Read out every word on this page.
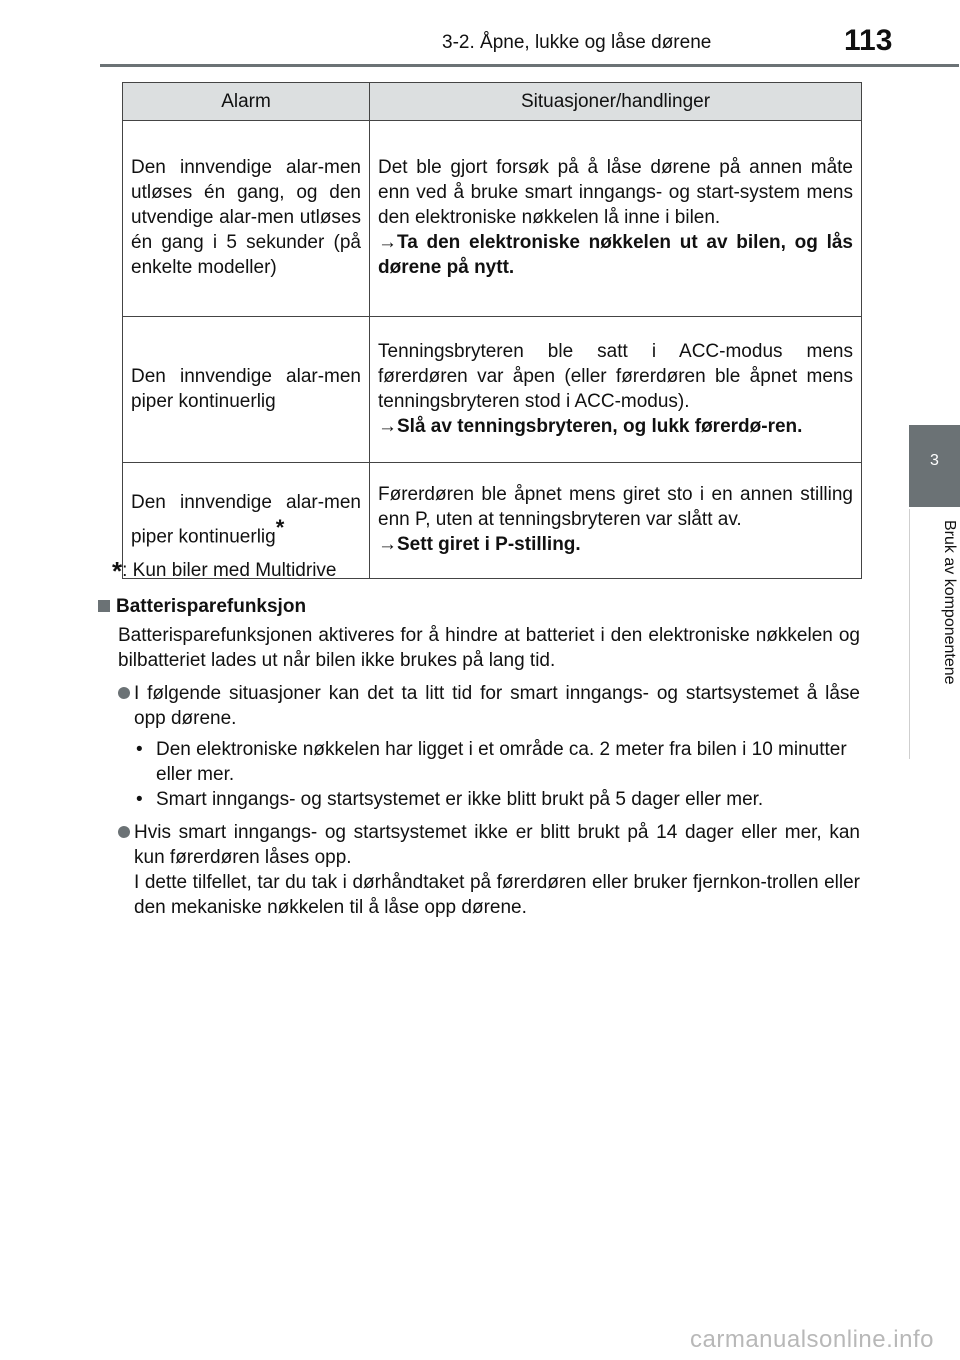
3-2. Åpne, lukke og låse dørene	113
3
Bruk av komponentene
Alarm	Situasjoner/handlinger
Den innvendige alar-men utløses én gang, og den utvendige alar-men utløses én gang i 5 sekunder (på enkelte modeller)	Det ble gjort forsøk på å låse dørene på annen måte enn ved å bruke smart inngangs- og start-system mens den elektroniske nøkkelen lå inne i bilen.
→Ta den elektroniske nøkkelen ut av bilen, og lås dørene på nytt.

Den innvendige alar-men piper kontinuerlig	Tenningsbryteren ble satt i ACC-modus mens førerdøren var åpen (eller førerdøren ble åpnet mens tenningsbryteren stod i ACC-modus).
→Slå av tenningsbryteren, og lukk førerdø-ren.

Den innvendige alar-men piper kontinuerlig*	Førerdøren ble åpnet mens giret sto i en annen stilling enn P, uten at tenningsbryteren var slått av.
→Sett giret i P-stilling.
*: Kun biler med Multidrive
Batterisparefunksjon
Batterisparefunksjonen aktiveres for å hindre at batteriet i den elektroniske nøkkelen og bilbatteriet lades ut når bilen ikke brukes på lang tid.
I følgende situasjoner kan det ta litt tid for smart inngangs- og startsystemet å låse opp dørene.
• Den elektroniske nøkkelen har ligget i et område ca. 2 meter fra bilen i 10 minutter eller mer.
• Smart inngangs- og startsystemet er ikke blitt brukt på 5 dager eller mer.
Hvis smart inngangs- og startsystemet ikke er blitt brukt på 14 dager eller mer, kan kun førerdøren låses opp.
I dette tilfellet, tar du tak i dørhåndtaket på førerdøren eller bruker fjernkon-trollen eller den mekaniske nøkkelen til å låse opp dørene.
carmanualsonline.info
